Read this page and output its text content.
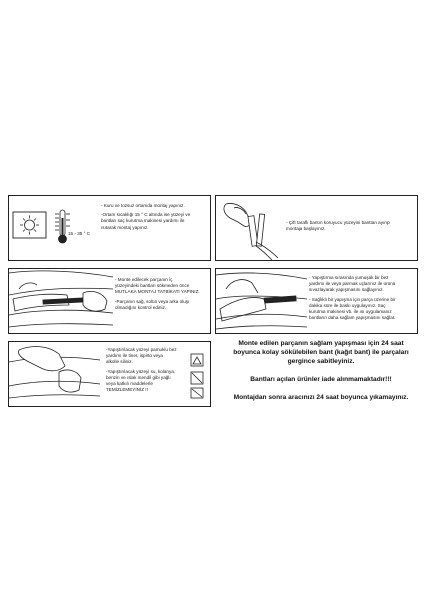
15 - 35 ° C

- Kuru ve tozsuz ortamda montaj yapınız.

-Ortam sıcaklığı 15 ° C altında ise yüzeyi ve
bantları saç kurutma makinesi yardımı ile
ısıtarak montaj yapınız.

- Çift taraflı bantın koruyucu yüzeyini banttan ayırıp
montaja başlayınız.

- Monte edilecek parçanın iç
yüzeyindeki bantları sökmeden önce
MUTLAKA MONTAJ TATBİKATI YAPINIZ.

-Parçanın sağ, solün veya arka oluşı
olmadığını kontrol ediniz.

- Yapıştırma sırasında yumuşak bir bez
yardımı ile veya parmak uçlarınız ile ürünü
sıvazlayarak yapışmasını sağlayınız.

- Sağlıklı bir yapışma için parça üzerine bir
dakika süre ile baskı uygulayınız. Saç
kurutma makinesi vb. ile ısı uygulamanız
bantların daha sağlam yapışmasını sağlar.

-Yapıştırılacak yüzeyi pamuklu bez
yardımı ile tiner, ispirto veya
alkolle siliniz.

-Yapıştırılacak yüzeyi su, kolanya,
benzin ve ıslak mendil gibi yağlı
veya katkılı maddelerle
TEMİZLEMEYİNİZ !!

Monte edilen parçanın sağlam yapışması için 24 saat boyunca kolay sökülebilen bant (kağıt bant) ile parçaları gergince sabitleyiniz.

Bantları açılan ürünler iade alınmamaktadır!!!

Montajdan sonra aracınızı 24 saat boyunca yıkamayınız.
